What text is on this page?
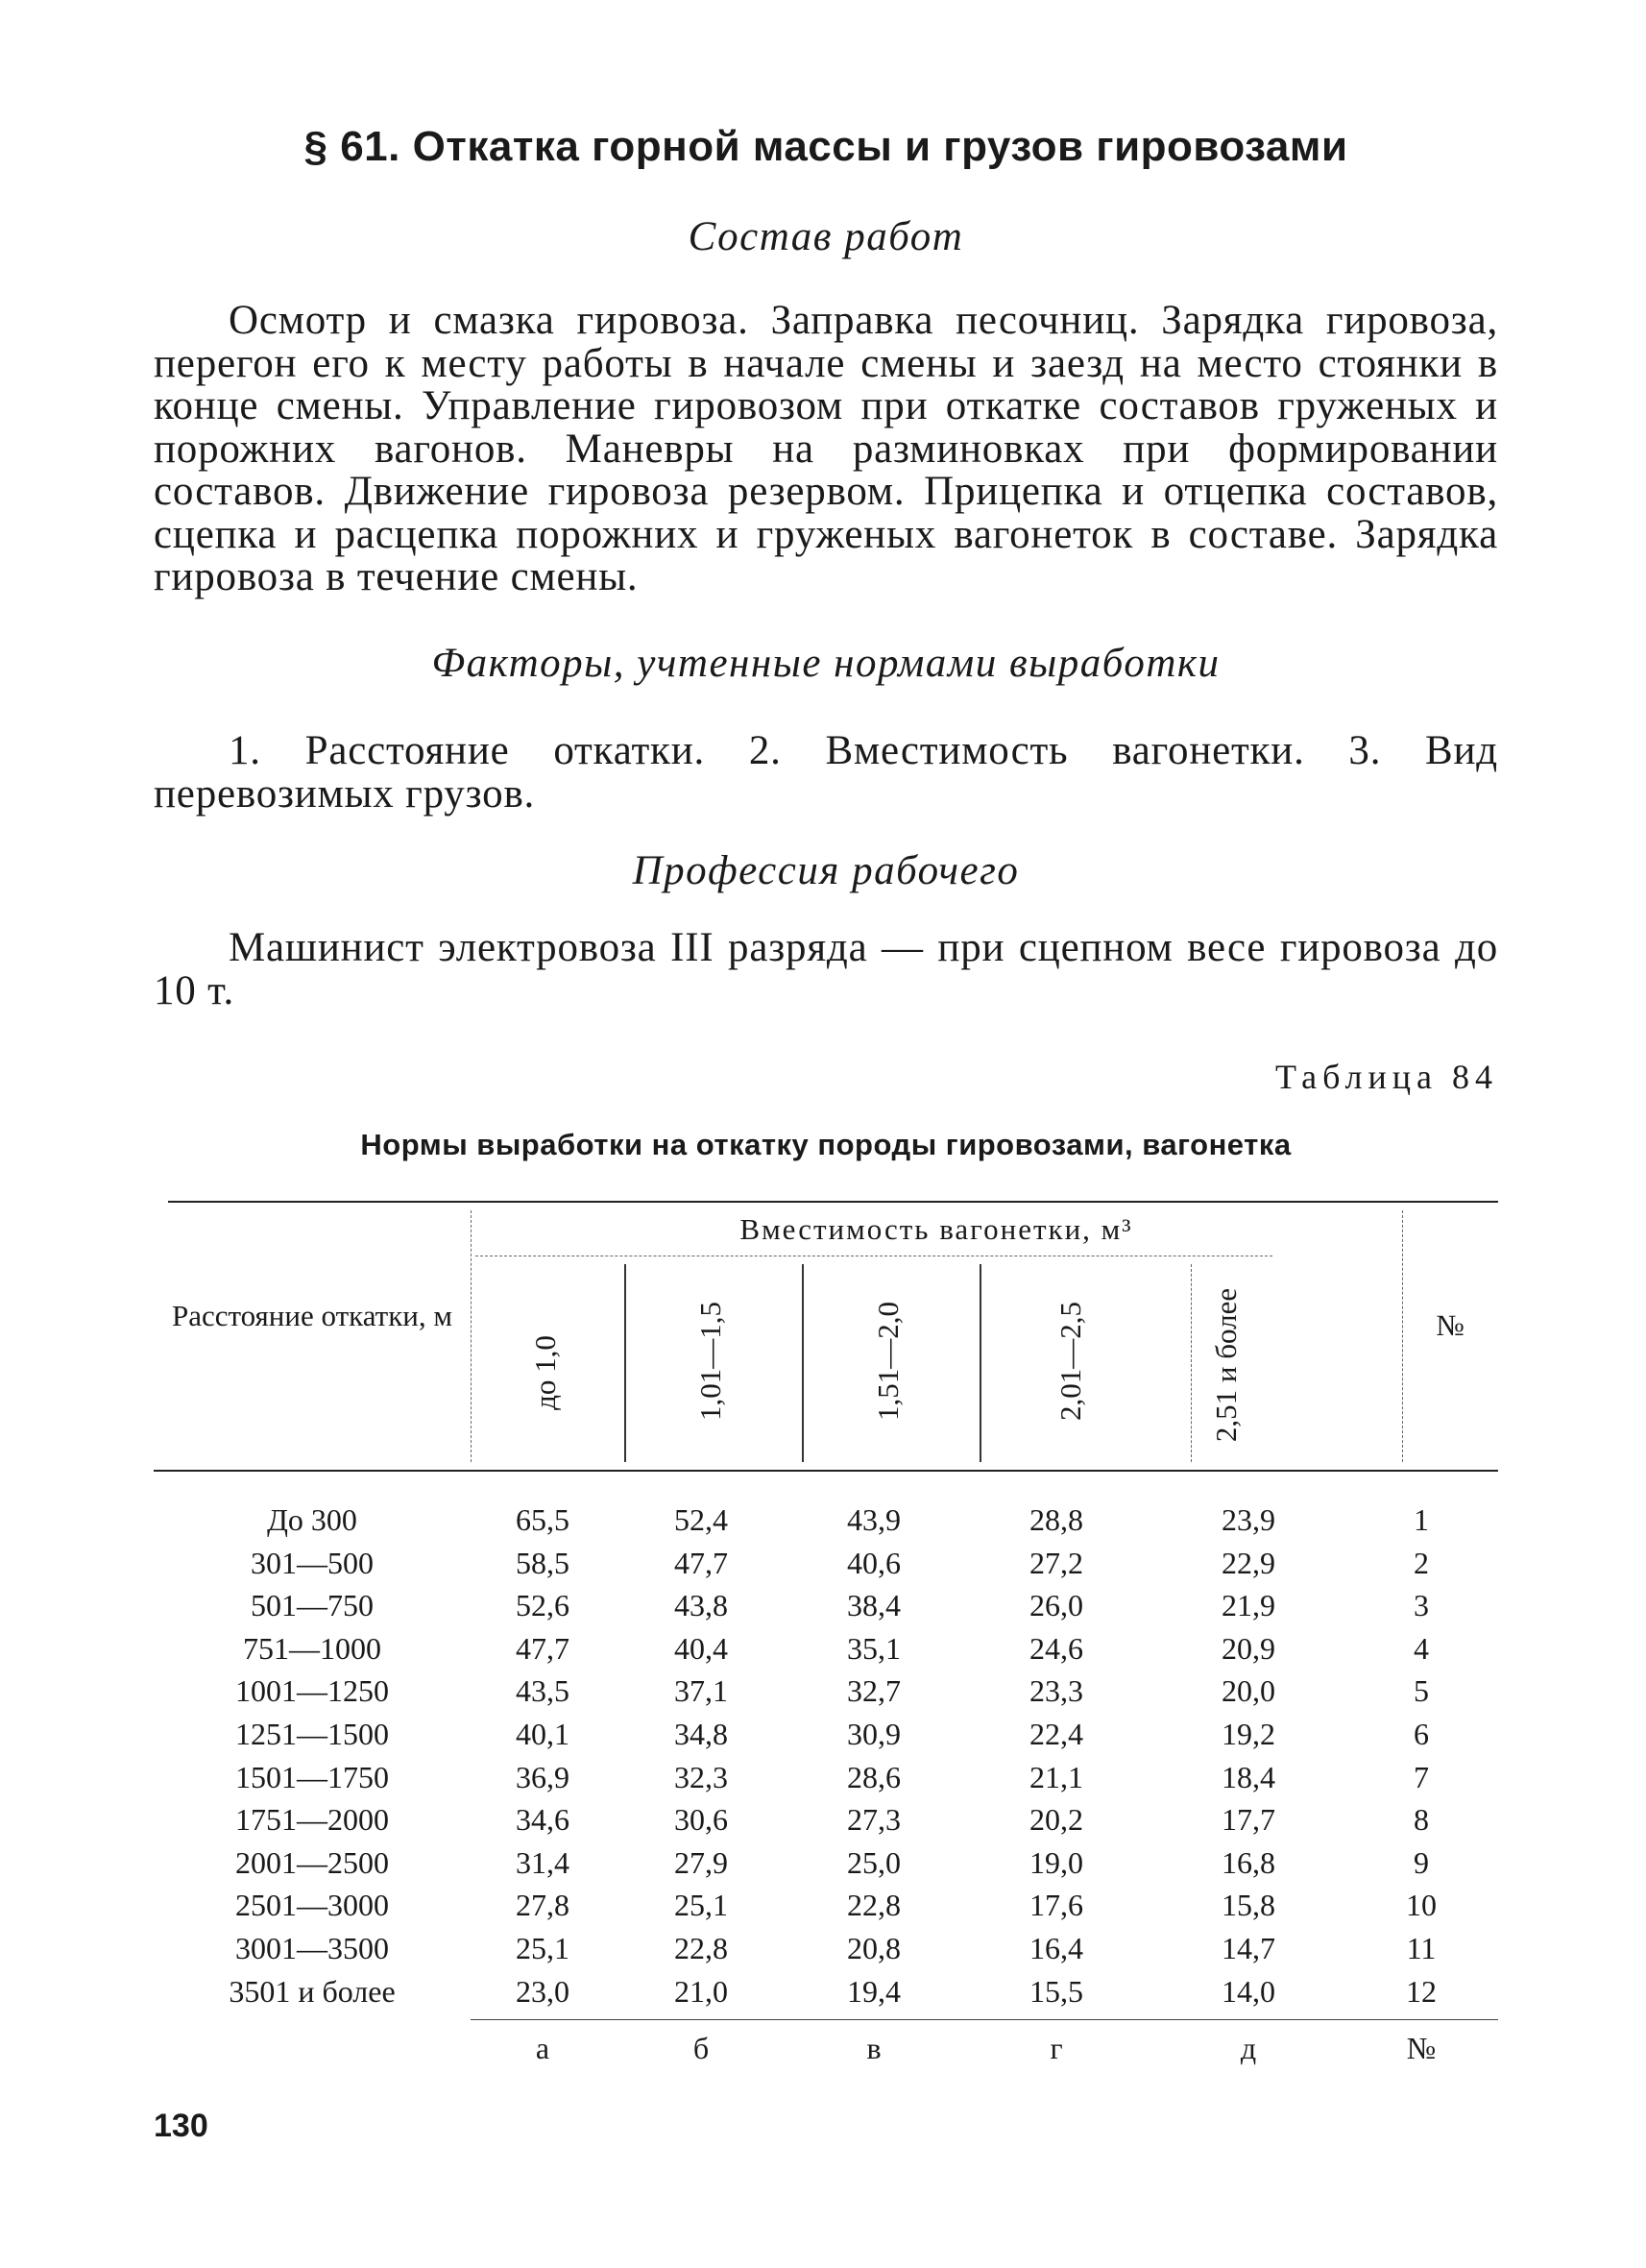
§ 61. Откатка горной массы и грузов гировозами
Состав работ

Осмотр и смазка гировоза. Заправка песочниц. Зарядка гировоза, перегон его к месту работы в начале смены и заезд на место стоянки в конце смены. Управление гировозом при откатке составов груженых и порожних вагонов. Маневры на разминовках при формировании составов. Движение гировоза резервом. Прицепка и отцепка составов, сцепка и расцепка порожних и груженых вагонеток в составе. Зарядка гировоза в течение смены.

Факторы, учтенные нормами выработки

1. Расстояние откатки. 2. Вместимость вагонетки. 3. Вид перевозимых грузов.

Профессия рабочего

Машинист электровоза III разряда — при сцепном весе гировоза до 10 т.

Таблица 84
Нормы выработки на откатку породы гировозами, вагонетка
Расстояние откатки, м
Вместимость вагонетки, м³
№
до 1,0	1,01—1,5	1,51—2,0	2,01—2,5	2,51 и более
До 300	65,5	52,4	43,9	28,8	23,9	1
301—500	58,5	47,7	40,6	27,2	22,9	2
501—750	52,6	43,8	38,4	26,0	21,9	3
751—1000	47,7	40,4	35,1	24,6	20,9	4
1001—1250	43,5	37,1	32,7	23,3	20,0	5
1251—1500	40,1	34,8	30,9	22,4	19,2	6
1501—1750	36,9	32,3	28,6	21,1	18,4	7
1751—2000	34,6	30,6	27,3	20,2	17,7	8
2001—2500	31,4	27,9	25,0	19,0	16,8	9
2501—3000	27,8	25,1	22,8	17,6	15,8	10
3001—3500	25,1	22,8	20,8	16,4	14,7	11
3501 и более	23,0	21,0	19,4	15,5	14,0	12
а	б	в	г	д	№
130
